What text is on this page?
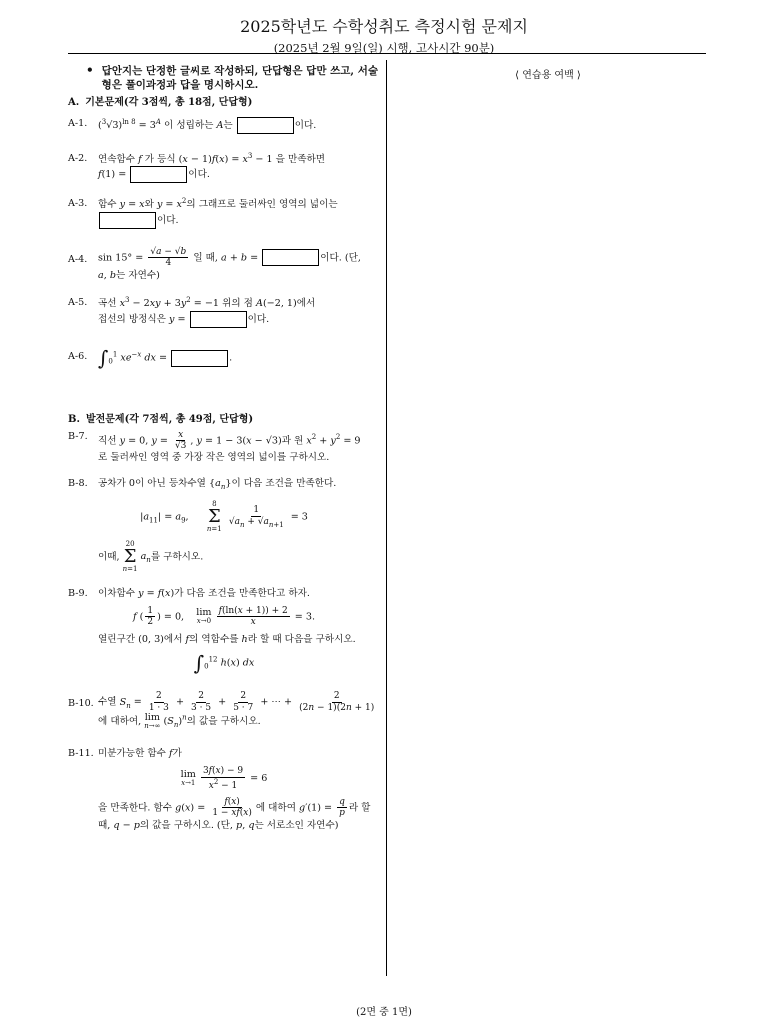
2025학년도 수학성취도 측정시험 문제지
(2025년 2월 9일(일) 시행, 고사시간 90분)
⟨ 연습용 여백 ⟩
• 답안지는 단정한 글씨로 작성하되, 단답형은 답만 쓰고, 서술형은 풀이과정과 답을 명시하시오.
A. 기본문제(각 3점씩, 총 18점, 단답형)
A-1.	$(^3√3)^{ln 8} = 3^A$ 이 성립하는 A는	이다.
A-2.	연속함수 f 가 등식 $(x - 1)f(x) = x^3 - 1$ 을 만족하면
f(1) =	이다.
A-3.	함수 y = x와 $y = x^2$의 그래프로 둘러싸인 영역의 넓이는
이다.
A-4.	$\sin 15^\circ = \frac{√a - √b}{4}$ 일 때, a + b =	이다. (단,
a, b는 자연수)
A-5.	곡선 $x^3 - 2xy + 3y^2 = -1$ 위의 점 A(−2, 1)에서
접선의 방정식은 y =	이다.
A-6. $\int_0^1$ $xe^{-x}$ dx =	.
B. 발전문제(각 7점씩, 총 49점, 단답형)
B-7.	직선 y = 0, $y = \frac{x}{√3}$ , y = 1 − 3(x − √3)과 원 $x^2 + y^2 = 9$
로 둘러싸인 영역 중 가장 작은 영역의 넓이를 구하시오.
B-8.	공차가 0이 아닌 등차수열 $\{a_n\}$이 다음 조건을 만족한다.
$|a_{11}| = a_9$,
8
Σ
n=1

$\frac{1}{√a_n + √a_{n+1}} = 3$
이때,
20
Σ
n=1
$a_n$를 구하시오.
B-9.	이차함수 y = f(x)가 다음 조건을 만족한다고 하자.
f ( $\frac{1}{2}$ ) = 0, lim
x→0
$\frac{f(\ln(x + 1)) + 2}{x} = 3$.
열린구간 (0, 3)에서 f의 역함수를 h라 할 때 다음을 구하시오.
$\int_0^{12}$ h(x) dx
B-10. 수열 $S_n = \frac{2}{1 \cdot 3} + \frac{2}{3 \cdot 5} + \frac{2}{5 \cdot 7}$ + ⋯ + $\frac{2}{(2n - 1)(2n + 1)}$

에 대하여, lim
n→∞ $(S_n)^n$의 값을 구하시오.
B-11. 미분가능한 함수 f가
lim
x→1
$\frac{3f(x) - 9}{x^2 - 1} = 6$
을 만족한다. 함수 $g(x) = \frac{f(x)}{1 - xf(x)}$ 에 대하여 $g'(1) = \frac{q}{p}$ 라 할 때, q − p의 값을 구하시오. (단, p, q는 서로소인 자연수)
(2면 중 1면)
